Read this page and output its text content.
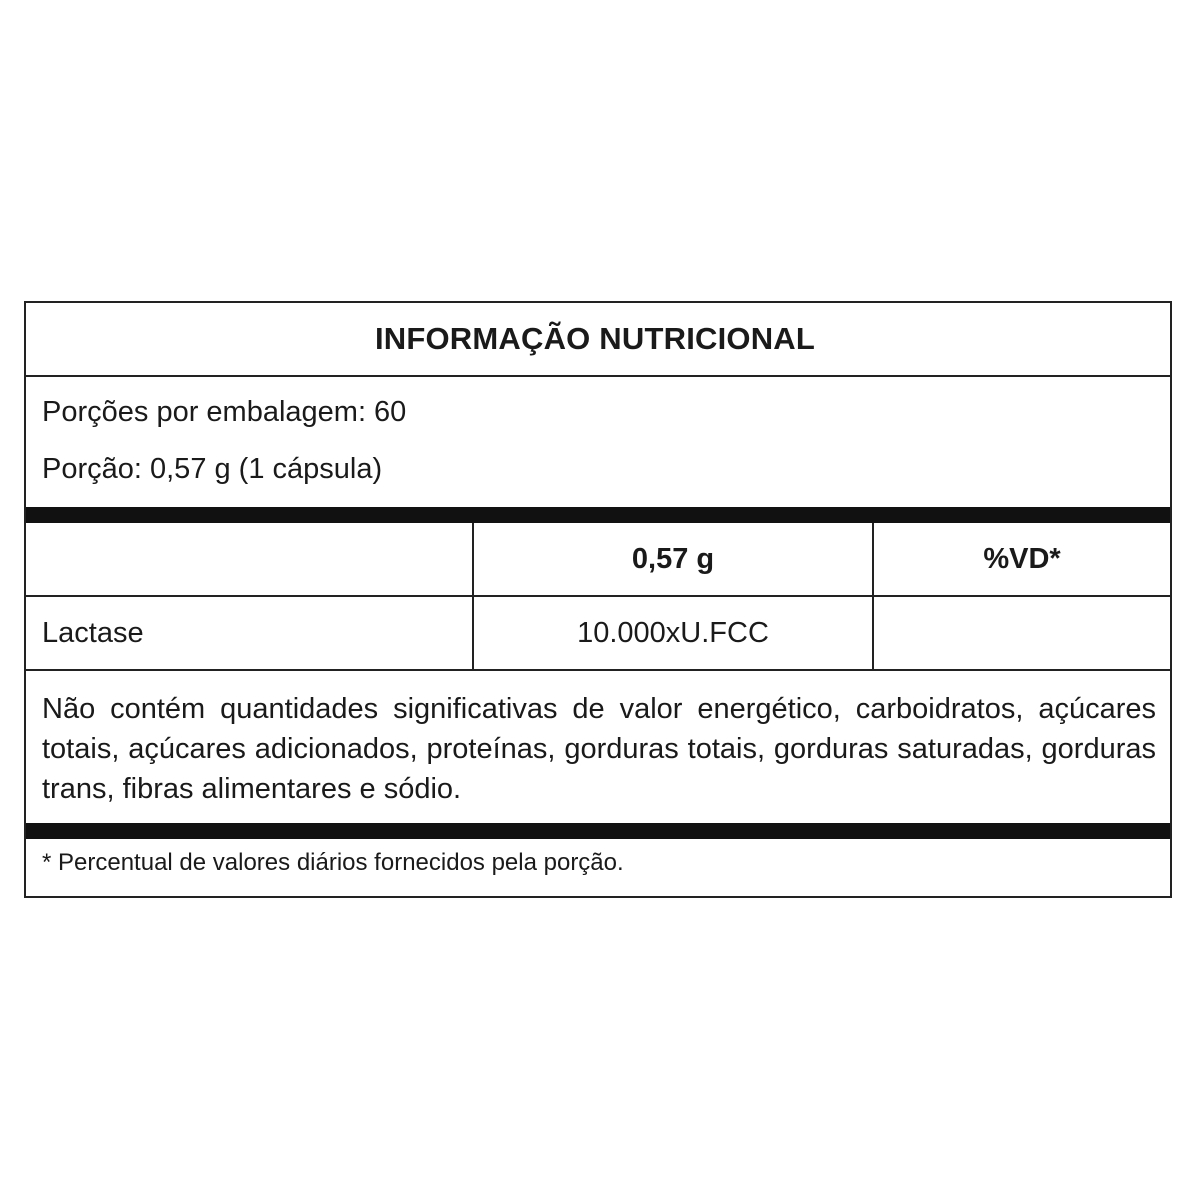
INFORMAÇÃO NUTRICIONAL
Porções por embalagem: 60
Porção: 0,57 g (1 cápsula)
0,57 g	%VD*
Lactase	10.000xU.FCC
Não contém quantidades significativas de valor energético, carboidratos, açúcares totais, açúcares adicionados, proteínas, gorduras totais, gorduras saturadas, gorduras trans, fibras alimentares e sódio.
* Percentual de valores diários fornecidos pela porção.
